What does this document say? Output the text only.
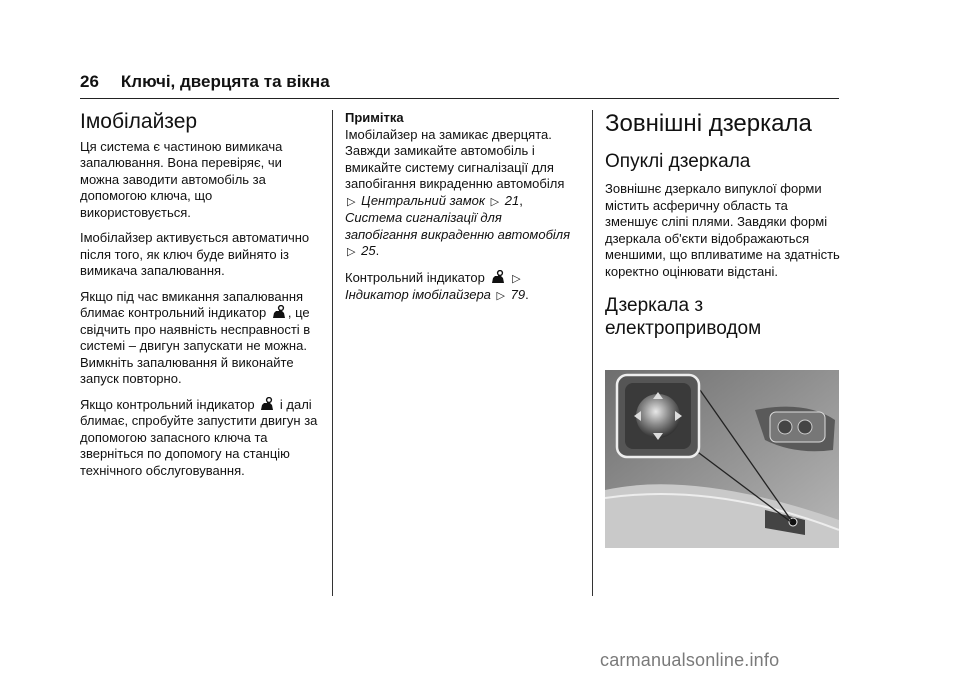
26 Ключі, дверцята та вікна
Імобілайзер

Ця система є частиною вимикача запалювання. Вона перевіряє, чи можна заводити автомобіль за допомогою ключа, що використовується.

Імобілайзер активується автоматично після того, як ключ буде вийнято із вимикача запалювання.

Якщо під час вмикання запалювання блимає контрольний індикатор , це свідчить про наявність несправності в системі – двигун запускати не можна. Вимкніть запалювання й виконайте запуск повторно.

Якщо контрольний індикатор і далі блимає, спробуйте запустити двигун за допомогою запасного ключа та зверніться по допомогу на станцію технічного обслуговування.

Примітка

Імобілайзер на замикає дверцята. Завжди замикайте автомобіль і вмикайте систему сигналізації для запобігання викраденню автомобіля ▷ Центральний замок ▷ 21, Система сигналізації для запобігання викраденню автомобіля ▷ 25.

Контрольний індикатор ▷
Індикатор імобілайзера ▷ 79.

Зовнішні дзеркала
Опуклі дзеркала

Зовнішнє дзеркало випуклої форми містить асферичну область та зменшує сліпі плями. Завдяки формі дзеркала об'єкти відображаються меншими, що впливатиме на здатність коректно оцінювати відстані.

Дзеркала з електроприводом
carmanualsonline.info
